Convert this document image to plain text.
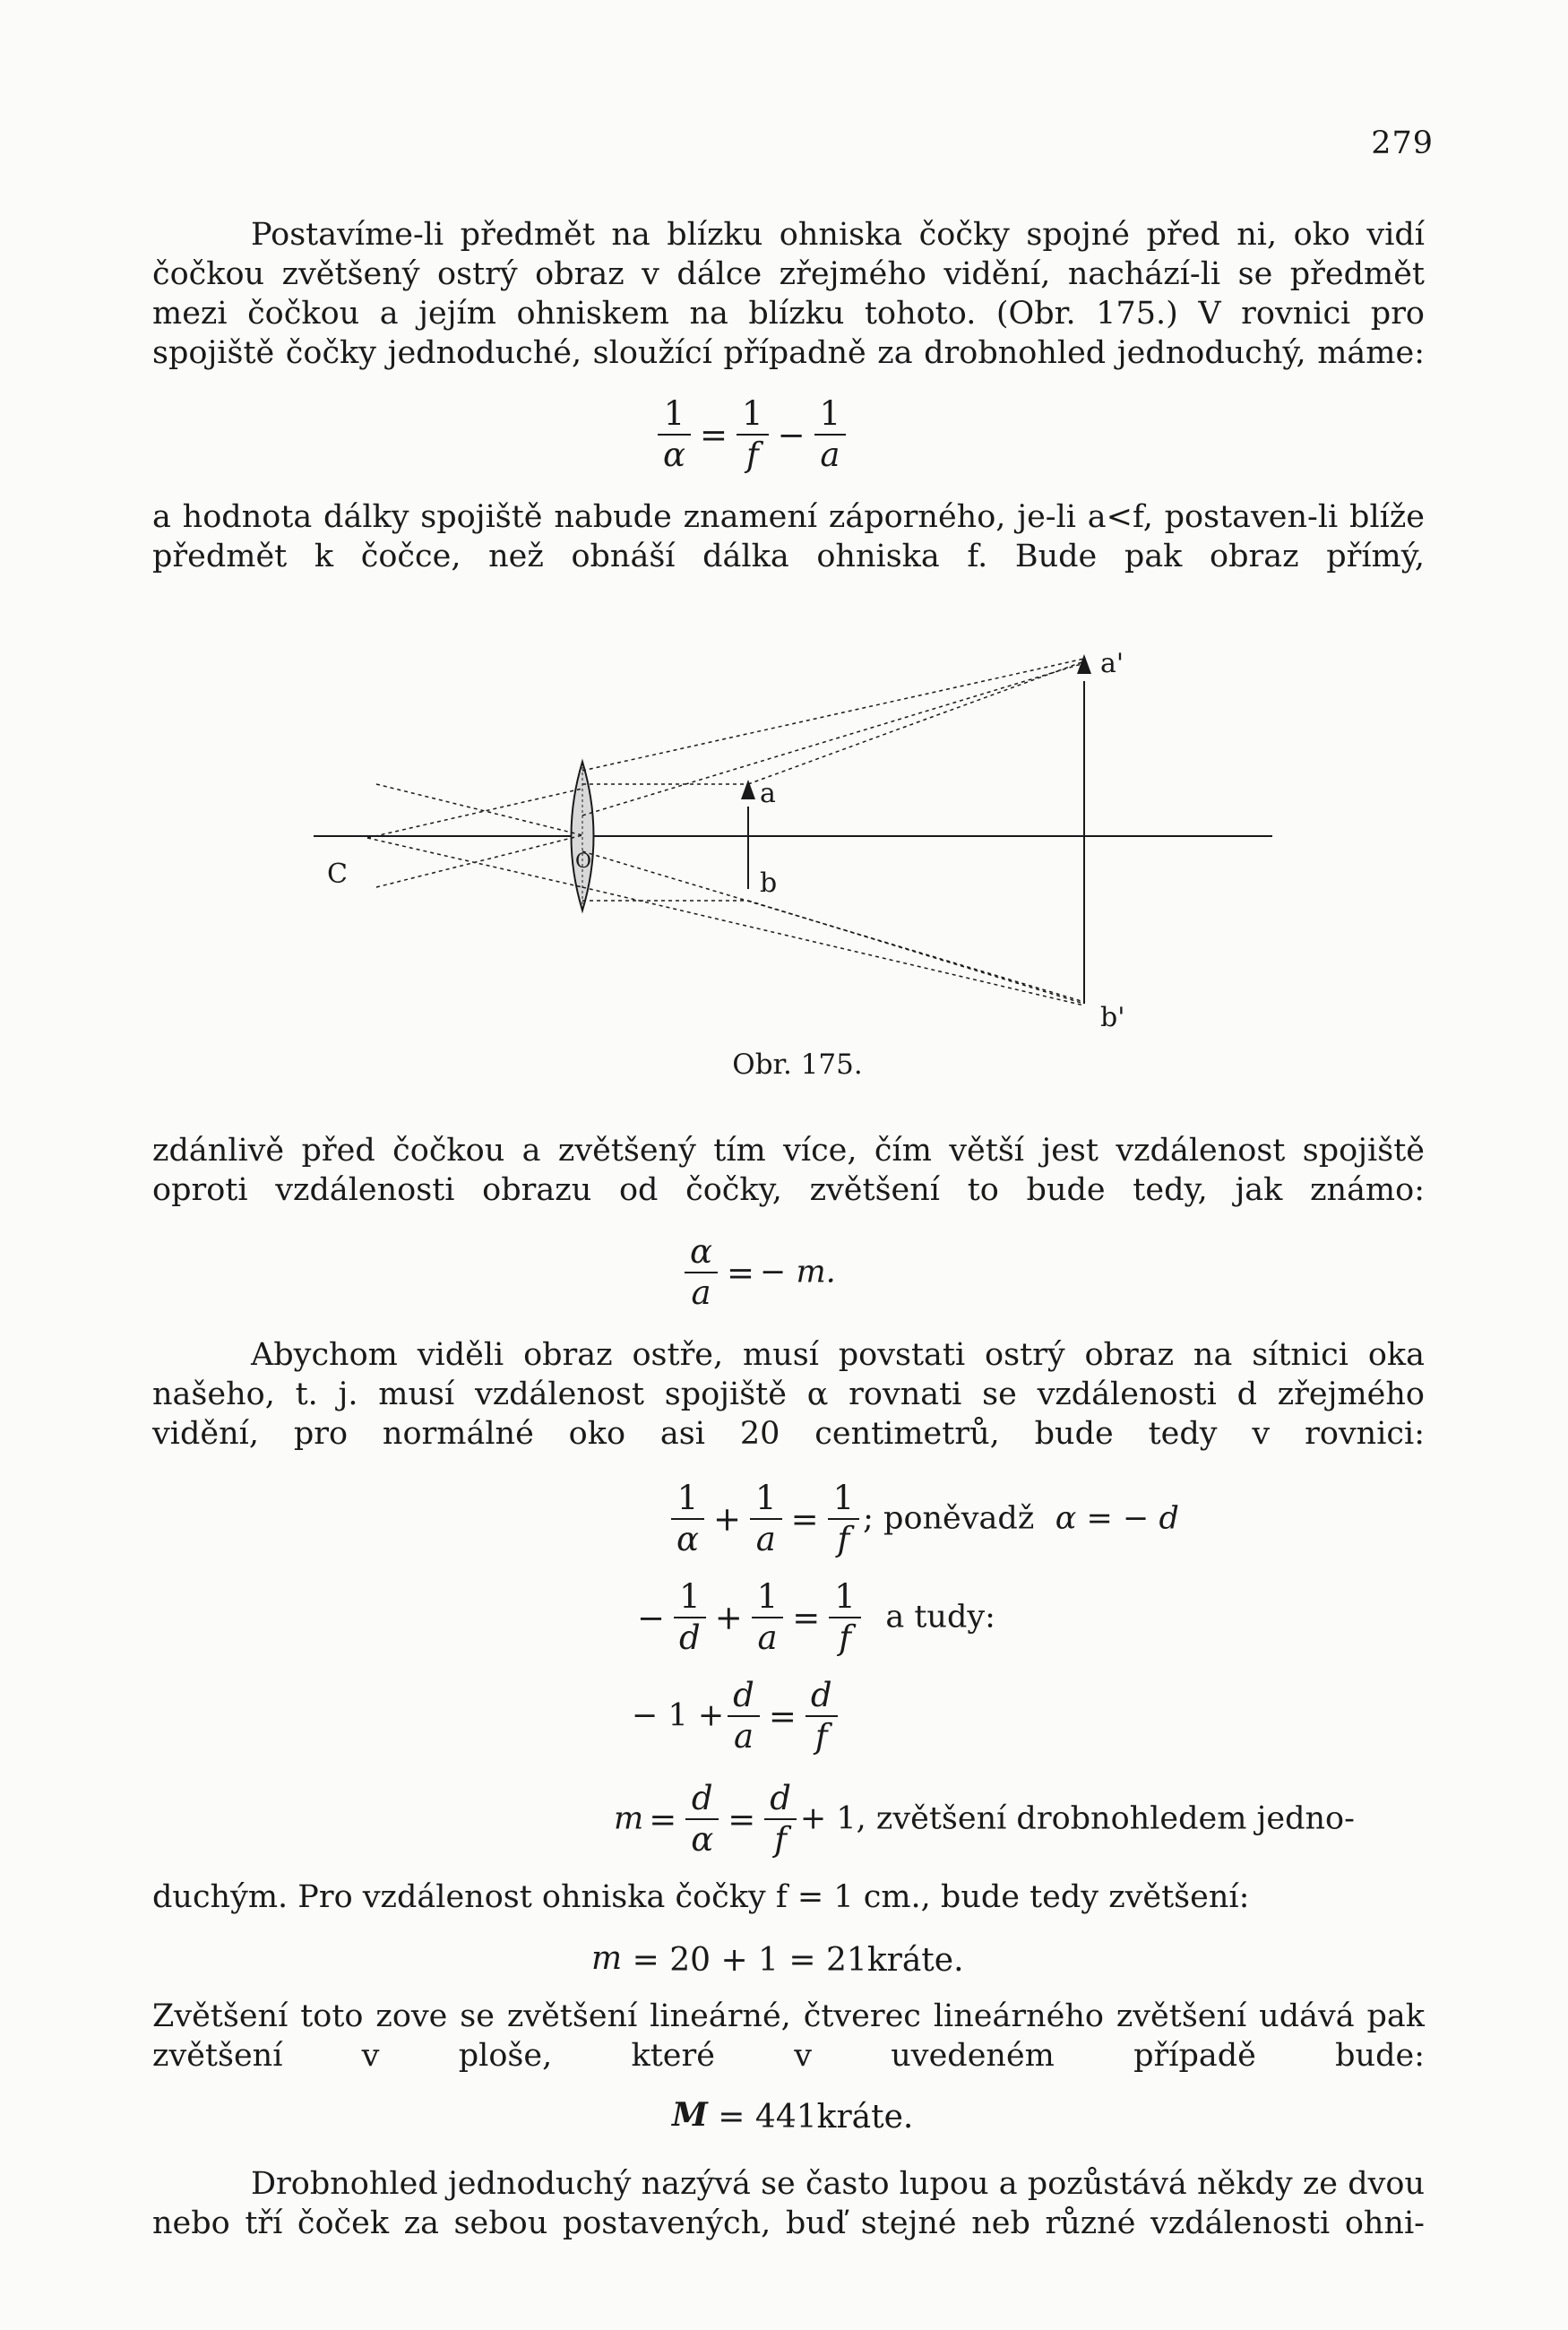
279

Postavíme-li předmět na blízku ohniska čočky spojné před ni, oko vidí čočkou zvětšený ostrý obraz v dálce zřejmého vidění, nachází-li se předmět mezi čočkou a jejím ohniskem na blízku tohoto. (Obr. 175.) V rovnici pro spojiště čočky jednoduché, sloužící případně za drobnohled jednoduchý, máme:

$\frac{1}{\alpha} = \frac{1}{f} - \frac{1}{a}$

a hodnota dálky spojiště nabude znamení záporného, je-li a<f, postaven-li blíže předmět k čočce, než obnáší dálka ohniska f. Bude pak obraz přímý,

a'
b'
a
b
C	O
Obr. 175.

zdánlivě před čočkou a zvětšený tím více, čím větší jest vzdálenost spojiště oproti vzdálenosti obrazu od čočky, zvětšení to bude tedy, jak známo:

$\frac{\alpha}{a}$ = − m.

Abychom viděli obraz ostře, musí povstati ostrý obraz na sítnici oka našeho, t. j. musí vzdálenost spojiště α rovnati se vzdálenosti d zřejmého vidění, pro normálné oko asi 20 centimetrů, bude tedy v rovnici:

$\frac{1}{\alpha} + \frac{1}{a} = \frac{1}{f}$ ; poněvadž α = − d
− $\frac{1}{d} + \frac{1}{a} = \frac{1}{f}$ a tudy:
− $1 + \frac{d}{a} = \frac{d}{f}$
$m = \frac{d}{\alpha} = \frac{d}{f} + 1$, zvětšení drobnohledem jedno-

duchým. Pro vzdálenost ohniska čočky f = 1 cm., bude tedy zvětšení:

m = 20 + 1 = 21kráte.

Zvětšení toto zove se zvětšení lineárné, čtverec lineárného zvětšení udává pak zvětšení v ploše, které v uvedeném případě bude:

M = 441kráte.

Drobnohled jednoduchý nazývá se často lupou a pozůstává někdy ze dvou nebo tří čoček za sebou postavených, buď stejné neb různé vzdálenosti ohni-
